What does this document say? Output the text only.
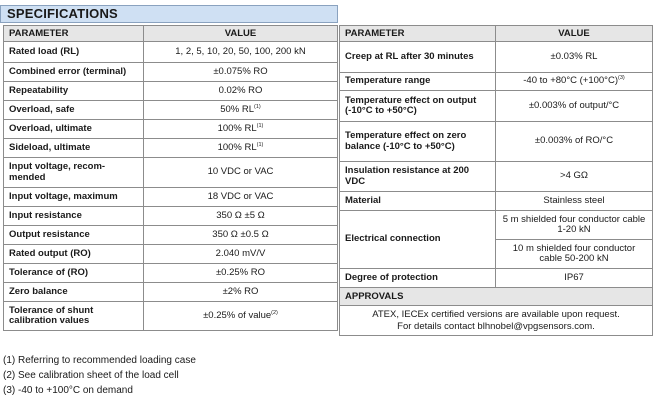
SPECIFICATIONS
PARAMETER	VALUE
Rated load (RL)	1, 2, 5, 10, 20, 50, 100, 200 kN
Combined error (terminal)	±0.075% RO
Repeatability	0.02% RO
Overload, safe	50% RL$^{(1)}$
Overload, ultimate	100% RL$^{(1)}$
Sideload, ultimate	100% RL$^{(1)}$
Input voltage, recom-mended	10 VDC or VAC
Input voltage, maximum	18 VDC or VAC
Input resistance	350 Ω ±5 Ω
Output resistance	350 Ω ±0.5 Ω
Rated output (RO)	2.040 mV/V
Tolerance of (RO)	±0.25% RO
Zero balance	±2% RO
Tolerance of shunt calibration values	±0.25% of value$^{(2)}$
PARAMETER	VALUE
Creep at RL after 30 minutes	±0.03% RL
Temperature range	-40 to +80°C $(+100^\circ C)^{(3)}$
Temperature effect on output (-10°C to +50°C)	±0.003% of output/°C
Temperature effect on zero balance (-10°C to +50°C)	±0.003% of RO/°C
Insulation resistance at 200 VDC	>4 GΩ
Material	Stainless steel
Electrical connection	5 m shielded four conductor cable 1-20 kN
	10 m shielded four conductor cable 50-200 kN
Degree of protection	IP67
APPROVALS	
ATEX, IECEx certified versions are available upon request.
For details contact blhnobel@vpgsensors.com.	
(1) Referring to recommended loading case
(2) See calibration sheet of the load cell
(3) -40 to +100°C on demand
